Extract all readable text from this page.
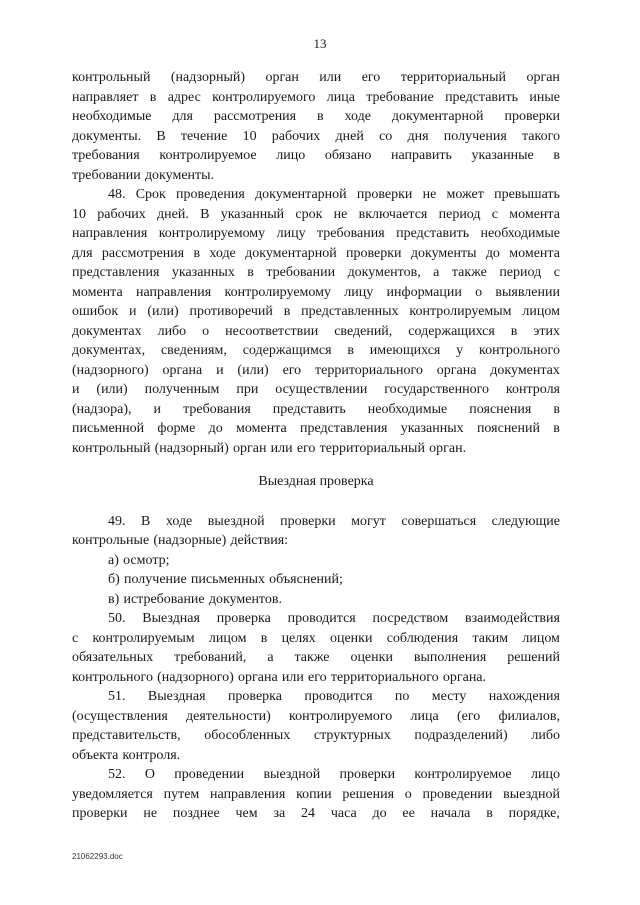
13
контрольный (надзорный) орган или его территориальный орган
направляет в адрес контролируемого лица требование представить иные
необходимые для рассмотрения в ходе документарной проверки
документы. В течение 10 рабочих дней со дня получения такого
требования контролируемое лицо обязано направить указанные в
требовании документы.
48. Срок проведения документарной проверки не может превышать
10 рабочих дней. В указанный срок не включается период с момента
направления контролируемому лицу требования представить необходимые
для рассмотрения в ходе документарной проверки документы до момента
представления указанных в требовании документов, а также период с
момента направления контролируемому лицу информации о выявлении
ошибок и (или) противоречий в представленных контролируемым лицом
документах либо о несоответствии сведений, содержащихся в этих
документах, сведениям, содержащимся в имеющихся у контрольного
(надзорного) органа и (или) его территориального органа документах
и (или) полученным при осуществлении государственного контроля
(надзора), и требования представить необходимые пояснения в
письменной форме до момента представления указанных пояснений в
контрольный (надзорный) орган или его территориальный орган.
Выездная проверка
49. В ходе выездной проверки могут совершаться следующие
контрольные (надзорные) действия:
а) осмотр;
б) получение письменных объяснений;
в) истребование документов.
50. Выездная проверка проводится посредством взаимодействия
с контролируемым лицом в целях оценки соблюдения таким лицом
обязательных требований, а также оценки выполнения решений
контрольного (надзорного) органа или его территориального органа.
51. Выездная проверка проводится по месту нахождения
(осуществления деятельности) контролируемого лица (его филиалов,
представительств, обособленных структурных подразделений) либо
объекта контроля.
52. О проведении выездной проверки контролируемое лицо
уведомляется путем направления копии решения о проведении выездной
проверки не позднее чем за 24 часа до ее начала в порядке,
21062293.doc
